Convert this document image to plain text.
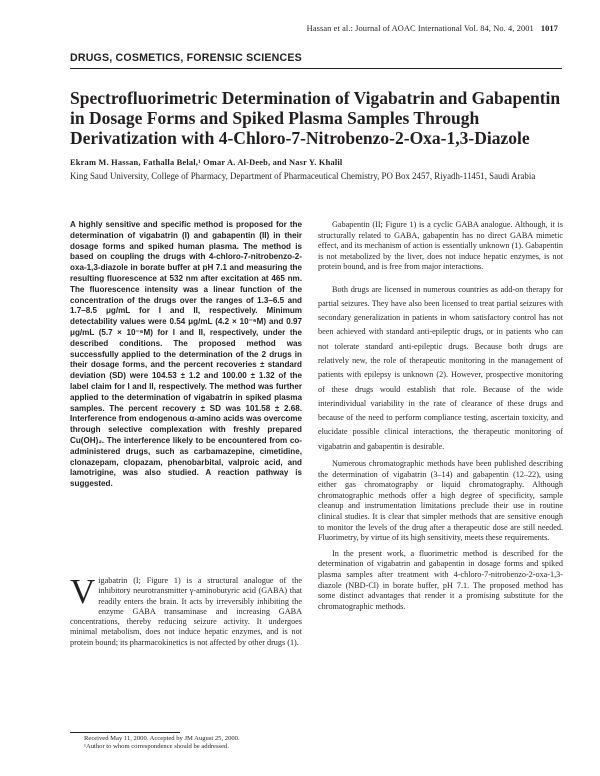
Hassan et al.: Journal of AOAC International Vol. 84, No. 4, 2001 1017
DRUGS, COSMETICS, FORENSIC SCIENCES
Spectrofluorimetric Determination of Vigabatrin and Gabapentin in Dosage Forms and Spiked Plasma Samples Through Derivatization with 4-Chloro-7-Nitrobenzo-2-Oxa-1,3-Diazole
Ekram M. Hassan, Fathalla Belal,¹ Omar A. Al-Deeb, and Nasr Y. Khalil
King Saud University, College of Pharmacy, Department of Pharmaceutical Chemistry, PO Box 2457, Riyadh-11451, Saudi Arabia
A highly sensitive and specific method is proposed for the determination of vigabatrin (I) and gabapentin (II) in their dosage forms and spiked human plasma. The method is based on coupling the drugs with 4-chloro-7-nitrobenzo-2-oxa-1,3-diazole in borate buffer at pH 7.1 and measuring the resulting fluorescence at 532 nm after excitation at 465 nm. The fluorescence intensity was a linear function of the concentration of the drugs over the ranges of 1.3–6.5 and 1.7–8.5 μg/mL for I and II, respectively. Minimum detectability values were 0.54 μg/mL (4.2 × 10⁻⁶M) and 0.97 μg/mL (5.7 × 10⁻⁶M) for I and II, respectively, under the described conditions. The proposed method was successfully applied to the determination of the 2 drugs in their dosage forms, and the percent recoveries ± standard deviation (SD) were 104.53 ± 1.2 and 100.00 ± 1.32 of the label claim for I and II, respectively. The method was further applied to the determination of vigabatrin in spiked plasma samples. The percent recovery ± SD was 101.58 ± 2.68. Interference from endogenous α-amino acids was overcome through selective complexation with freshly prepared Cu(OH)₂. The interference likely to be encountered from co-administered drugs, such as carbamazepine, cimetidine, clonazepam, clopazam, phenobarbital, valproic acid, and lamotrigine, was also studied. A reaction pathway is suggested.
Vigabatrin (I; Figure 1) is a structural analogue of the inhibitory neurotransmitter γ-aminobutyric acid (GABA) that readily enters the brain. It acts by irreversibly inhibiting the enzyme GABA transaminase and increasing GABA concentrations, thereby reducing seizure activity. It undergoes minimal metabolism, does not induce hepatic enzymes, and is not protein bound; its pharmacokinetics is not affected by other drugs (1).
Received May 11, 2000. Accepted by JM August 25, 2000.
¹Author to whom correspondence should be addressed.

Gabapentin (II; Figure 1) is a cyclic GABA analogue. Although, it is structurally related to GABA, gabapentin has no direct GABA mimetic effect, and its mechanism of action is essentially unknown (1). Gabapentin is not metabolized by the liver, does not induce hepatic enzymes, is not protein bound, and is free from major interactions.

Both drugs are licensed in numerous countries as add-on therapy for partial seizures. They have also been licensed to treat partial seizures with secondary generalization in patients in whom satisfactory control has not been achieved with standard anti-epileptic drugs, or in patients who can not tolerate standard anti-epileptic drugs. Because both drugs are relatively new, the role of therapeutic monitoring in the management of patients with epilepsy is unknown (2). However, prospective monitoring of these drugs would establish that role. Because of the wide interindividual variability in the rate of clearance of these drugs and because of the need to perform compliance testing, ascertain toxicity, and elucidate possible clinical interactions, the therapeutic monitoring of vigabatrin and gabapentin is desirable.

Numerous chromatographic methods have been published describing the determination of vigabatrin (3–14) and gabapentin (12–22), using either gas chromatography or liquid chromatography. Although chromatographic methods offer a high degree of specificity, sample cleanup and instrumentation limitations preclude their use in routine clinical studies. It is clear that simpler methods that are sensitive enough to monitor the levels of the drug after a therapeutic dose are still needed. Fluorimetry, by virtue of its high sensitivity, meets these requirements.

In the present work, a fluorimetric method is described for the determination of vigabatrin and gabapentin in dosage forms and spiked plasma samples after treatment with 4-chloro-7-nitrobenzo-2-oxa-1,3-diazole (NBD-Cl) in borate buffer, pH 7.1. The proposed method has some distinct advantages that render it a promising substitute for the chromatographic methods.
